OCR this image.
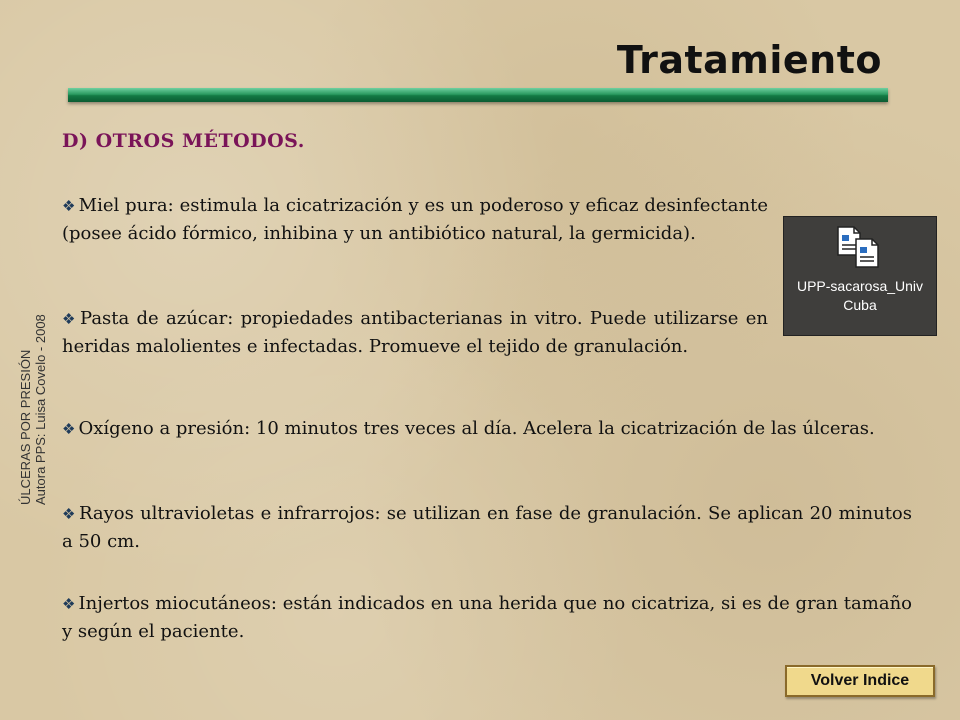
Tratamiento
ÚLCERAS POR PRESIÓN Autora PPS: Luisa Covelo - 2008
D) OTROS MÉTODOS.

❖ Miel pura: estimula la cicatrización y es un poderoso y eficaz desinfectante (posee ácido fórmico, inhibina y un antibiótico natural, la germicida).

❖ Pasta de azúcar: propiedades antibacterianas in vitro. Puede utilizarse en heridas malolientes e infectadas. Promueve el tejido de granulación.

❖ Oxígeno a presión: 10 minutos tres veces al día. Acelera la cicatrización de las úlceras.

❖ Rayos ultravioletas e infrarrojos: se utilizan en fase de granulación. Se aplican 20 minutos a 50 cm.

❖ Injertos miocutáneos: están indicados en una herida que no cicatriza, si es de gran tamaño y según el paciente.

UPP-sacarosa_Univ Cuba
Volver Indice
